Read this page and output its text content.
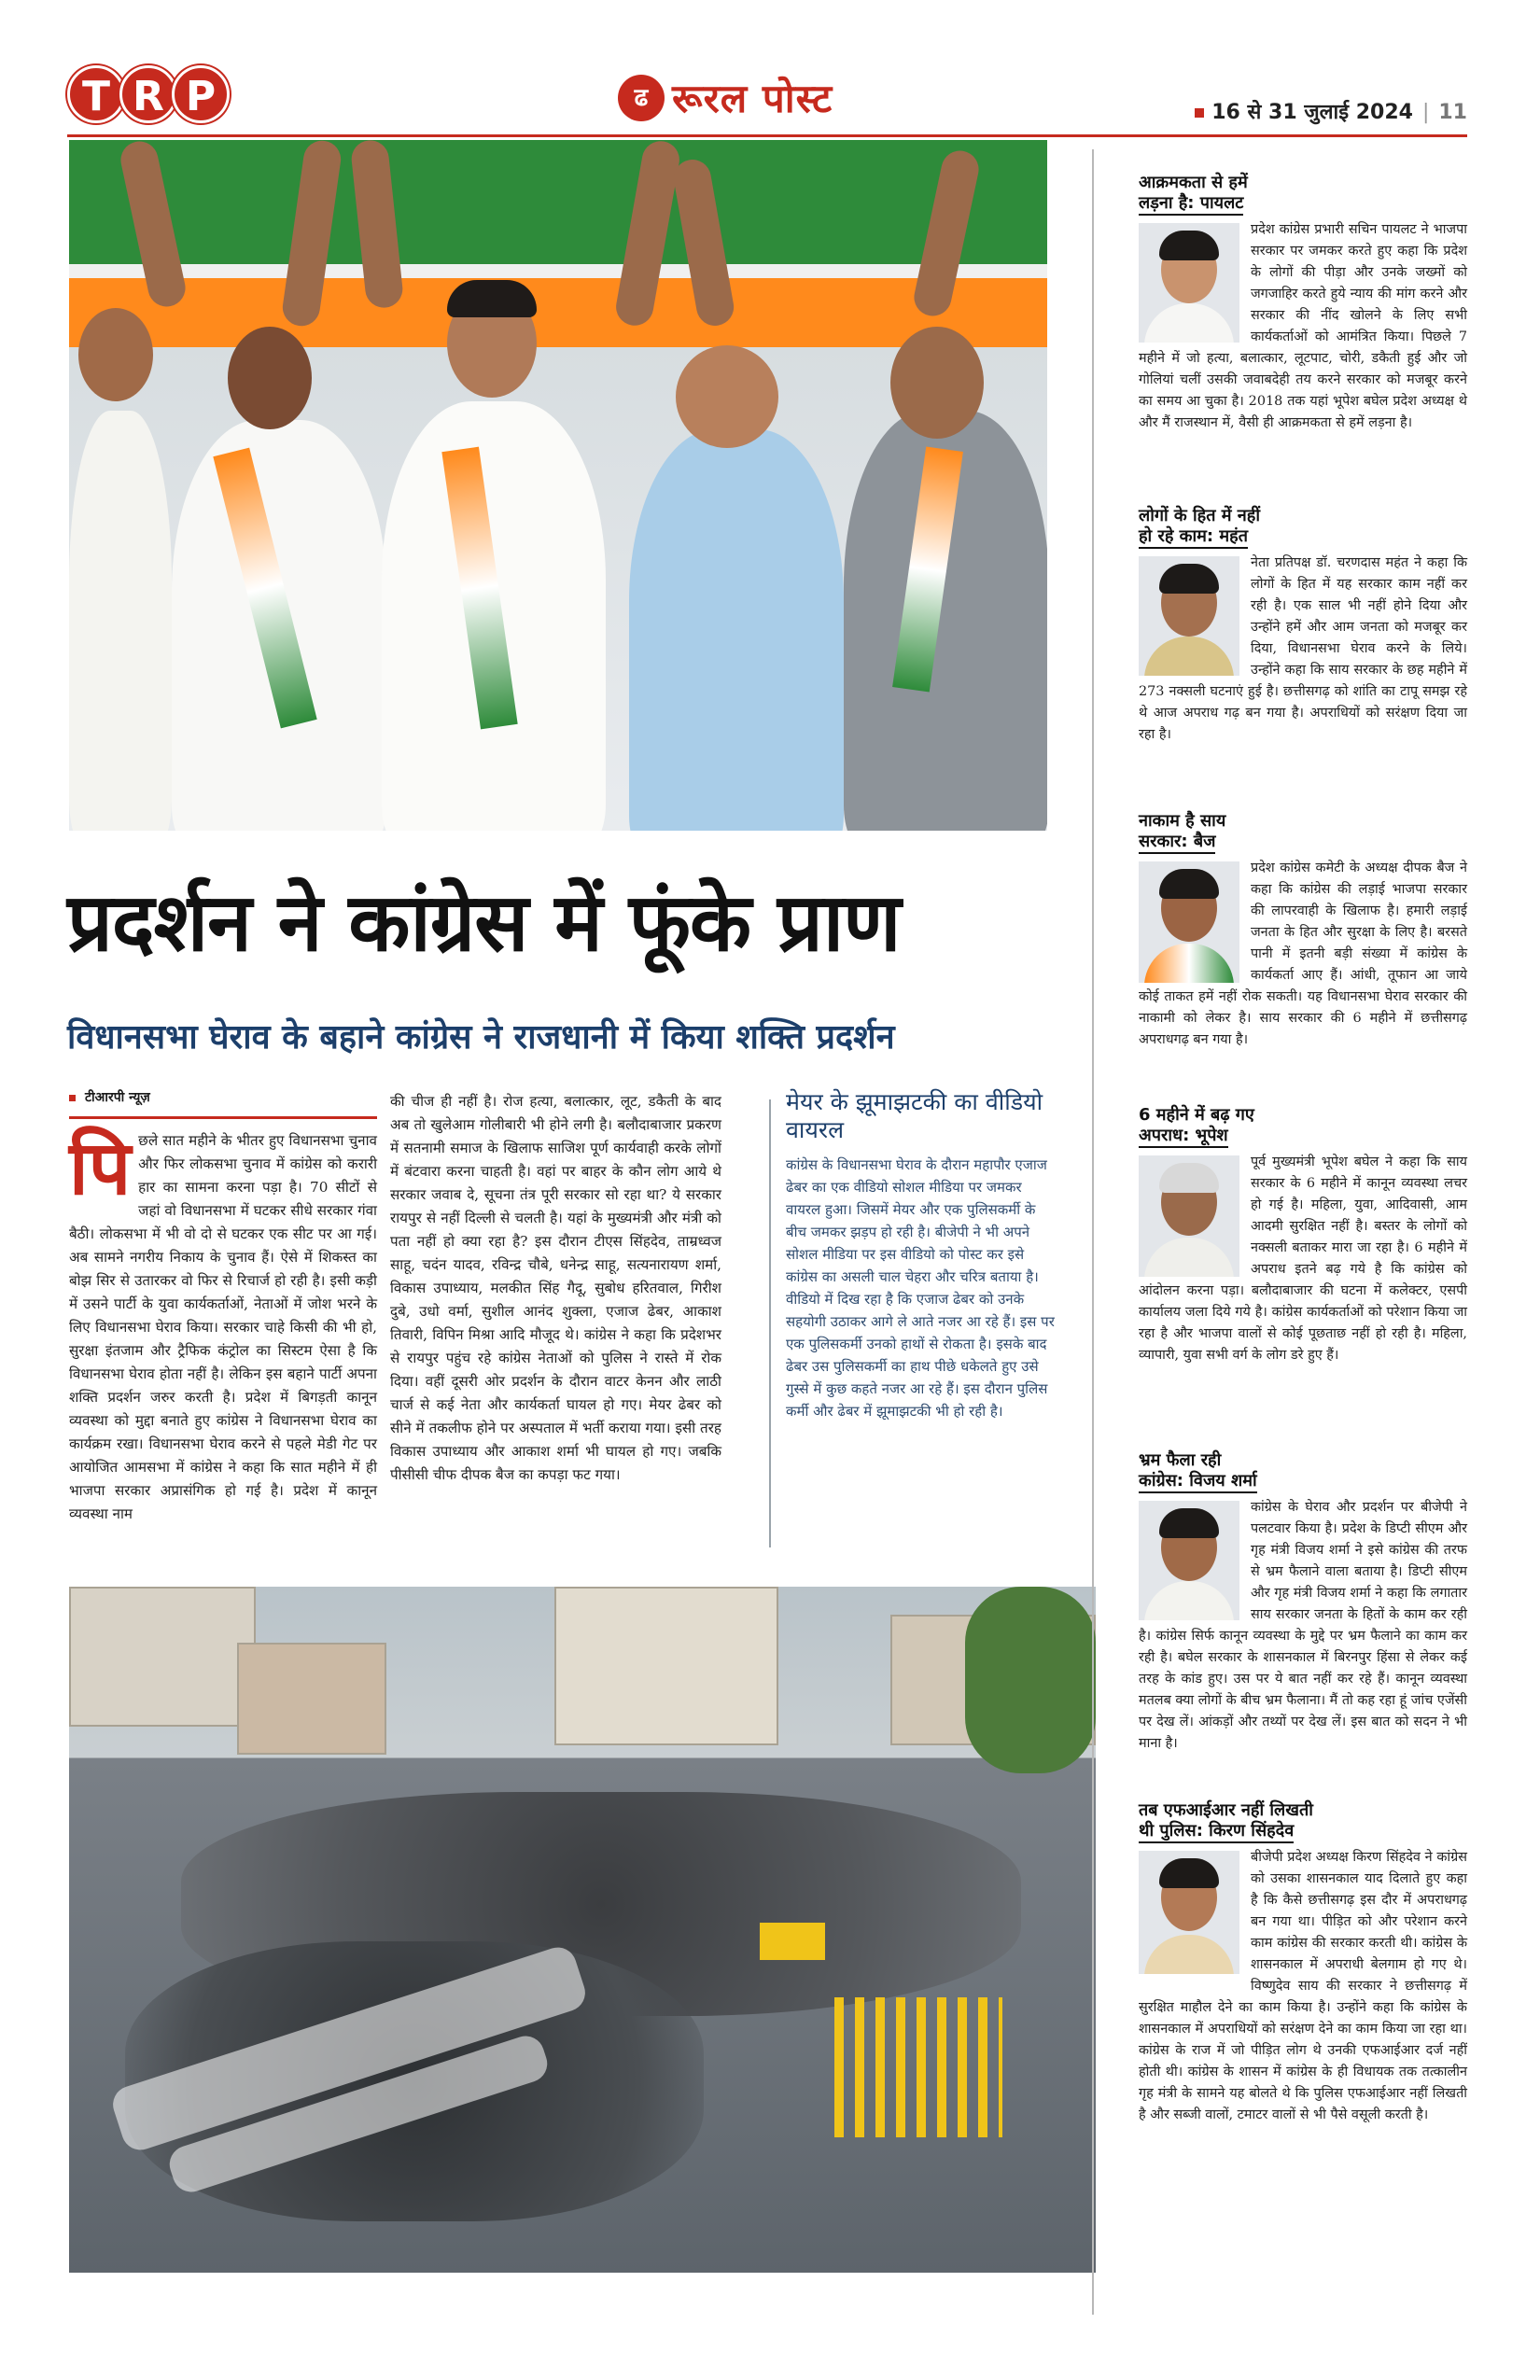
T R P	ढ रूरल पोस्ट	16 से 31 जुलाई 2024 | 11
प्रदर्शन ने कांग्रेस में फूंके प्राण
विधानसभा घेराव के बहाने कांग्रेस ने राजधानी में किया शक्ति प्रदर्शन
टीआरपी न्यूज़
पिछले सात महीने के भीतर हुए विधानसभा चुनाव और फिर लोकसभा चुनाव में कांग्रेस को करारी हार का सामना करना पड़ा है। 70 सीटों से जहां वो विधानसभा में घटकर सीधे सरकार गंवा बैठी। लोकसभा में भी वो दो से घटकर एक सीट पर आ गई। अब सामने नगरीय निकाय के चुनाव हैं। ऐसे में शिकस्त का बोझ सिर से उतारकर वो फिर से रिचार्ज हो रही है। इसी कड़ी में उसने पार्टी के युवा कार्यकर्ताओं, नेताओं में जोश भरने के लिए विधानसभा घेराव किया। सरकार चाहे किसी की भी हो, सुरक्षा इंतजाम और ट्रैफिक कंट्रोल का सिस्टम ऐसा है कि विधानसभा घेराव होता नहीं है। लेकिन इस बहाने पार्टी अपना शक्ति प्रदर्शन जरुर करती है। प्रदेश में बिगड़ती कानून व्यवस्था को मुद्दा बनाते हुए कांग्रेस ने विधानसभा घेराव का कार्यक्रम रखा। विधानसभा घेराव करने से पहले मेडी गेट पर आयोजित आमसभा में कांग्रेस ने कहा कि सात महीने में ही भाजपा सरकार अप्रासंगिक हो गई है। प्रदेश में कानून व्यवस्था नाम
की चीज ही नहीं है। रोज हत्या, बलात्कार, लूट, डकैती के बाद अब तो खुलेआम गोलीबारी भी होने लगी है। बलौदाबाजार प्रकरण में सतनामी समाज के खिलाफ साजिश पूर्ण कार्यवाही करके लोगों में बंटवारा करना चाहती है। वहां पर बाहर के कौन लोग आये थे सरकार जवाब दे, सूचना तंत्र पूरी सरकार सो रहा था? ये सरकार रायपुर से नहीं दिल्ली से चलती है। यहां के मुख्यमंत्री और मंत्री को पता नहीं हो क्या रहा है? इस दौरान टीएस सिंहदेव, ताम्रध्वज साहू, चदंन यादव, रविन्द्र चौबे, धनेन्द्र साहू, सत्यनारायण शर्मा, विकास उपाध्याय, मलकीत सिंह गैदू, सुबोध हरितवाल, गिरीश दुबे, उधो वर्मा, सुशील आनंद शुक्ला, एजाज ढेबर, आकाश तिवारी, विपिन मिश्रा आदि मौजूद थे। कांग्रेस ने कहा कि प्रदेशभर से रायपुर पहुंच रहे कांग्रेस नेताओं को पुलिस ने रास्ते में रोक दिया। वहीं दूसरी ओर प्रदर्शन के दौरान वाटर केनन और लाठी चार्ज से कई नेता और कार्यकर्ता घायल हो गए। मेयर ढेबर को सीने में तकलीफ होने पर अस्पताल में भर्ती कराया गया। इसी तरह विकास उपाध्याय और आकाश शर्मा भी घायल हो गए। जबकि पीसीसी चीफ दीपक बैज का कपड़ा फट गया।
मेयर के झूमाझटकी का वीडियो वायरल
कांग्रेस के विधानसभा घेराव के दौरान महापौर एजाज ढेबर का एक वीडियो सोशल मीडिया पर जमकर वायरल हुआ। जिसमें मेयर और एक पुलिसकर्मी के बीच जमकर झड़प हो रही है। बीजेपी ने भी अपने सोशल मीडिया पर इस वीडियो को पोस्ट कर इसे कांग्रेस का असली चाल चेहरा और चरित्र बताया है। वीडियो में दिख रहा है कि एजाज ढेबर को उनके सहयोगी उठाकर आगे ले आते नजर आ रहे हैं। इस पर एक पुलिसकर्मी उनको हाथों से रोकता है। इसके बाद ढेबर उस पुलिसकर्मी का हाथ पीछे धकेलते हुए उसे गुस्से में कुछ कहते नजर आ रहे हैं। इस दौरान पुलिस कर्मी और ढेबर में झूमाझटकी भी हो रही है।
आक्रमकता से हमें
लड़ना है: पायलट
प्रदेश कांग्रेस प्रभारी सचिन पायलट ने भाजपा सरकार पर जमकर करते हुए कहा कि प्रदेश के लोगों की पीड़ा और उनके जख्मों को जगजाहिर करते हुये न्याय की मांग करने और सरकार की नींद खोलने के लिए सभी कार्यकर्ताओं को आमंत्रित किया। पिछले 7 महीने में जो हत्या, बलात्कार, लूटपाट, चोरी, डकैती हुई और जो गोलियां चलीं उसकी जवाबदेही तय करने सरकार को मजबूर करने का समय आ चुका है। 2018 तक यहां भूपेश बघेल प्रदेश अध्यक्ष थे और मैं राजस्थान में, वैसी ही आक्रमकता से हमें लड़ना है।
लोगों के हित में नहीं
हो रहे काम: महंत
नेता प्रतिपक्ष डॉ. चरणदास महंत ने कहा कि लोगों के हित में यह सरकार काम नहीं कर रही है। एक साल भी नहीं होने दिया और उन्होंने हमें और आम जनता को मजबूर कर दिया, विधानसभा घेराव करने के लिये। उन्होंने कहा कि साय सरकार के छह महीने में 273 नक्सली घटनाएं हुई है। छत्तीसगढ़ को शांति का टापू समझ रहे थे आज अपराध गढ़ बन गया है। अपराधियों को सरंक्षण दिया जा रहा है।
नाकाम है साय
सरकार: बैज
प्रदेश कांग्रेस कमेटी के अध्यक्ष दीपक बैज ने कहा कि कांग्रेस की लड़ाई भाजपा सरकार की लापरवाही के खिलाफ है। हमारी लड़ाई जनता के हित और सुरक्षा के लिए है। बरसते पानी में इतनी बड़ी संख्या में कांग्रेस के कार्यकर्ता आए हैं। आंधी, तूफान आ जाये कोई ताकत हमें नहीं रोक सकती। यह विधानसभा घेराव सरकार की नाकामी को लेकर है। साय सरकार की 6 महीने में छत्तीसगढ़ अपराधगढ़ बन गया है।
6 महीने में बढ़ गए
अपराध: भूपेश
पूर्व मुख्यमंत्री भूपेश बघेल ने कहा कि साय सरकार के 6 महीने में कानून व्यवस्था लचर हो गई है। महिला, युवा, आदिवासी, आम आदमी सुरक्षित नहीं है। बस्तर के लोगों को नक्सली बताकर मारा जा रहा है। 6 महीने में अपराध इतने बढ़ गये है कि कांग्रेस को आंदोलन करना पड़ा। बलौदाबाजार की घटना में कलेक्टर, एसपी कार्यालय जला दिये गये है। कांग्रेस कार्यकर्ताओं को परेशान किया जा रहा है और भाजपा वालों से कोई पूछताछ नहीं हो रही है। महिला, व्यापारी, युवा सभी वर्ग के लोग डरे हुए हैं।
भ्रम फैला रही
कांग्रेस: विजय शर्मा
कांग्रेस के घेराव और प्रदर्शन पर बीजेपी ने पलटवार किया है। प्रदेश के डिप्टी सीएम और गृह मंत्री विजय शर्मा ने इसे कांग्रेस की तरफ से भ्रम फैलाने वाला बताया है। डिप्टी सीएम और गृह मंत्री विजय शर्मा ने कहा कि लगातार साय सरकार जनता के हितों के काम कर रही है। कांग्रेस सिर्फ कानून व्यवस्था के मुद्दे पर भ्रम फैलाने का काम कर रही है। बघेल सरकार के शासनकाल में बिरनपुर हिंसा से लेकर कई तरह के कांड हुए। उस पर ये बात नहीं कर रहे हैं। कानून व्यवस्था मतलब क्या लोगों के बीच भ्रम फैलाना। मैं तो कह रहा हूं जांच एजेंसी पर देख लें। आंकड़ों और तथ्यों पर देख लें। इस बात को सदन ने भी माना है।
तब एफआईआर नहीं लिखती
थी पुलिस: किरण सिंहदेव
बीजेपी प्रदेश अध्यक्ष किरण सिंहदेव ने कांग्रेस को उसका शासनकाल याद दिलाते हुए कहा है कि कैसे छत्तीसगढ़ इस दौर में अपराधगढ़ बन गया था। पीड़ित को और परेशान करने काम कांग्रेस की सरकार करती थी। कांग्रेस के शासनकाल में अपराधी बेलगाम हो गए थे। विष्णुदेव साय की सरकार ने छत्तीसगढ़ में सुरक्षित माहौल देने का काम किया है। उन्होंने कहा कि कांग्रेस के शासनकाल में अपराधियों को सरंक्षण देने का काम किया जा रहा था। कांग्रेस के राज में जो पीड़ित लोग थे उनकी एफआईआर दर्ज नहीं होती थी। कांग्रेस के शासन में कांग्रेस के ही विधायक तक तत्कालीन गृह मंत्री के सामने यह बोलते थे कि पुलिस एफआईआर नहीं लिखती है और सब्जी वालों, टमाटर वालों से भी पैसे वसूली करती है।
